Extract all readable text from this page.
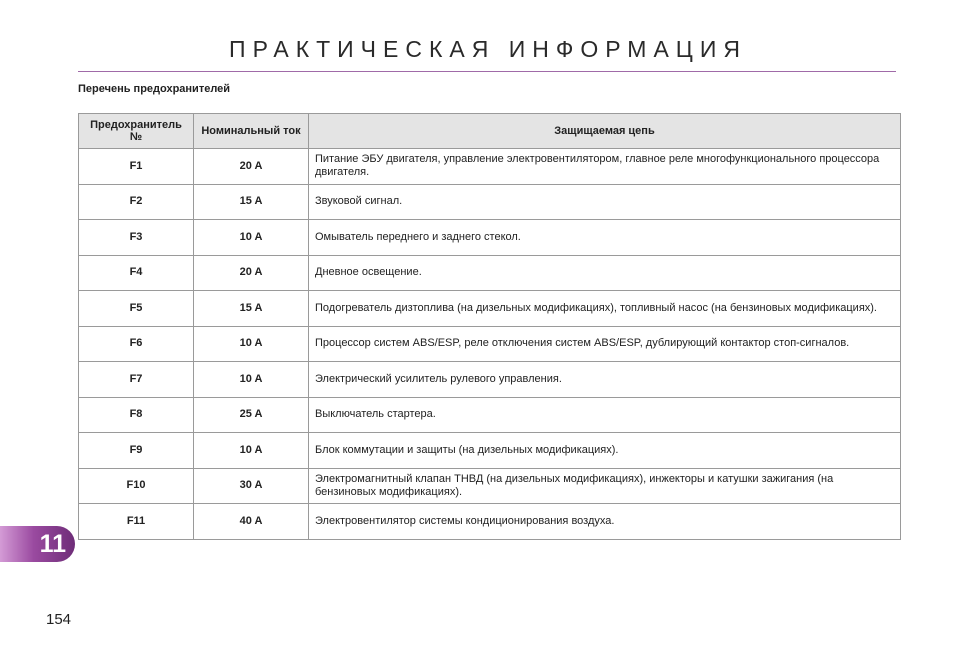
ПРАКТИЧЕСКАЯ ИНФОРМАЦИЯ
Перечень предохранителей
Предохранитель №	Номинальный ток	Защищаемая цепь
F1	20 A	Питание ЭБУ двигателя, управление электровентилятором, главное реле многофункционального процессора двигателя.
F2	15 A	Звуковой сигнал.
F3	10 A	Омыватель переднего и заднего стекол.
F4	20 A	Дневное освещение.
F5	15 A	Подогреватель дизтоплива (на дизельных модификациях), топливный насос (на бензиновых модификациях).
F6	10 A	Процессор систем ABS/ESP, реле отключения систем ABS/ESP, дублирующий контактор стоп-сигналов.
F7	10 A	Электрический усилитель рулевого управления.
F8	25 A	Выключатель стартера.
F9	10 A	Блок коммутации и защиты (на дизельных модификациях).
F10	30 A	Электромагнитный клапан ТНВД (на дизельных модификациях), инжекторы и катушки зажигания (на бензиновых модификациях).
F11	40 A	Электровентилятор системы кондиционирования воздуха.
11
154
